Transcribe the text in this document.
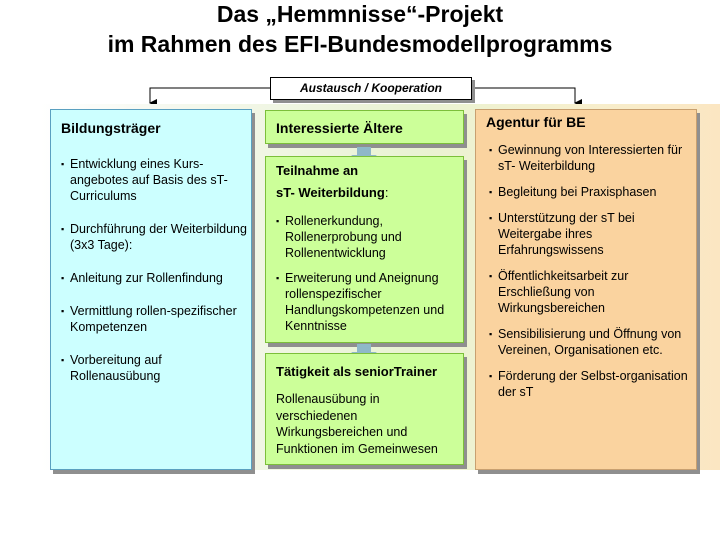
Das „Hemmnisse“-Projekt
im Rahmen des EFI-Bundesmodellprogramms
Austausch / Kooperation
Bildungsträger
▪ Entwicklung eines Kurs-angebotes auf Basis des sT- Curriculums
▪ Durchführung der Weiterbildung (3x3 Tage):
▪ Anleitung zur Rollenfindung
▪ Vermittlung rollen-spezifischer Kompetenzen
▪ Vorbereitung auf Rollenausübung
Interessierte Ältere
Teilnahme an
sT- Weiterbildung:
▪ Rollenerkundung, Rollenerprobung und Rollenentwicklung
▪ Erweiterung und Aneignung rollenspezifischer Handlungskompetenzen und Kenntnisse
Tätigkeit als seniorTrainer
Rollenausübung in verschiedenen Wirkungsbereichen und Funktionen im Gemeinwesen
Agentur für BE
▪ Gewinnung von Interessierten für sT- Weiterbildung
▪ Begleitung bei Praxisphasen
▪ Unterstützung der sT bei Weitergabe ihres Erfahrungswissens
▪ Öffentlichkeitsarbeit zur Erschließung von Wirkungsbereichen
▪ Sensibilisierung und Öffnung von Vereinen, Organisationen etc.
▪ Förderung der Selbst-organisation der sT
